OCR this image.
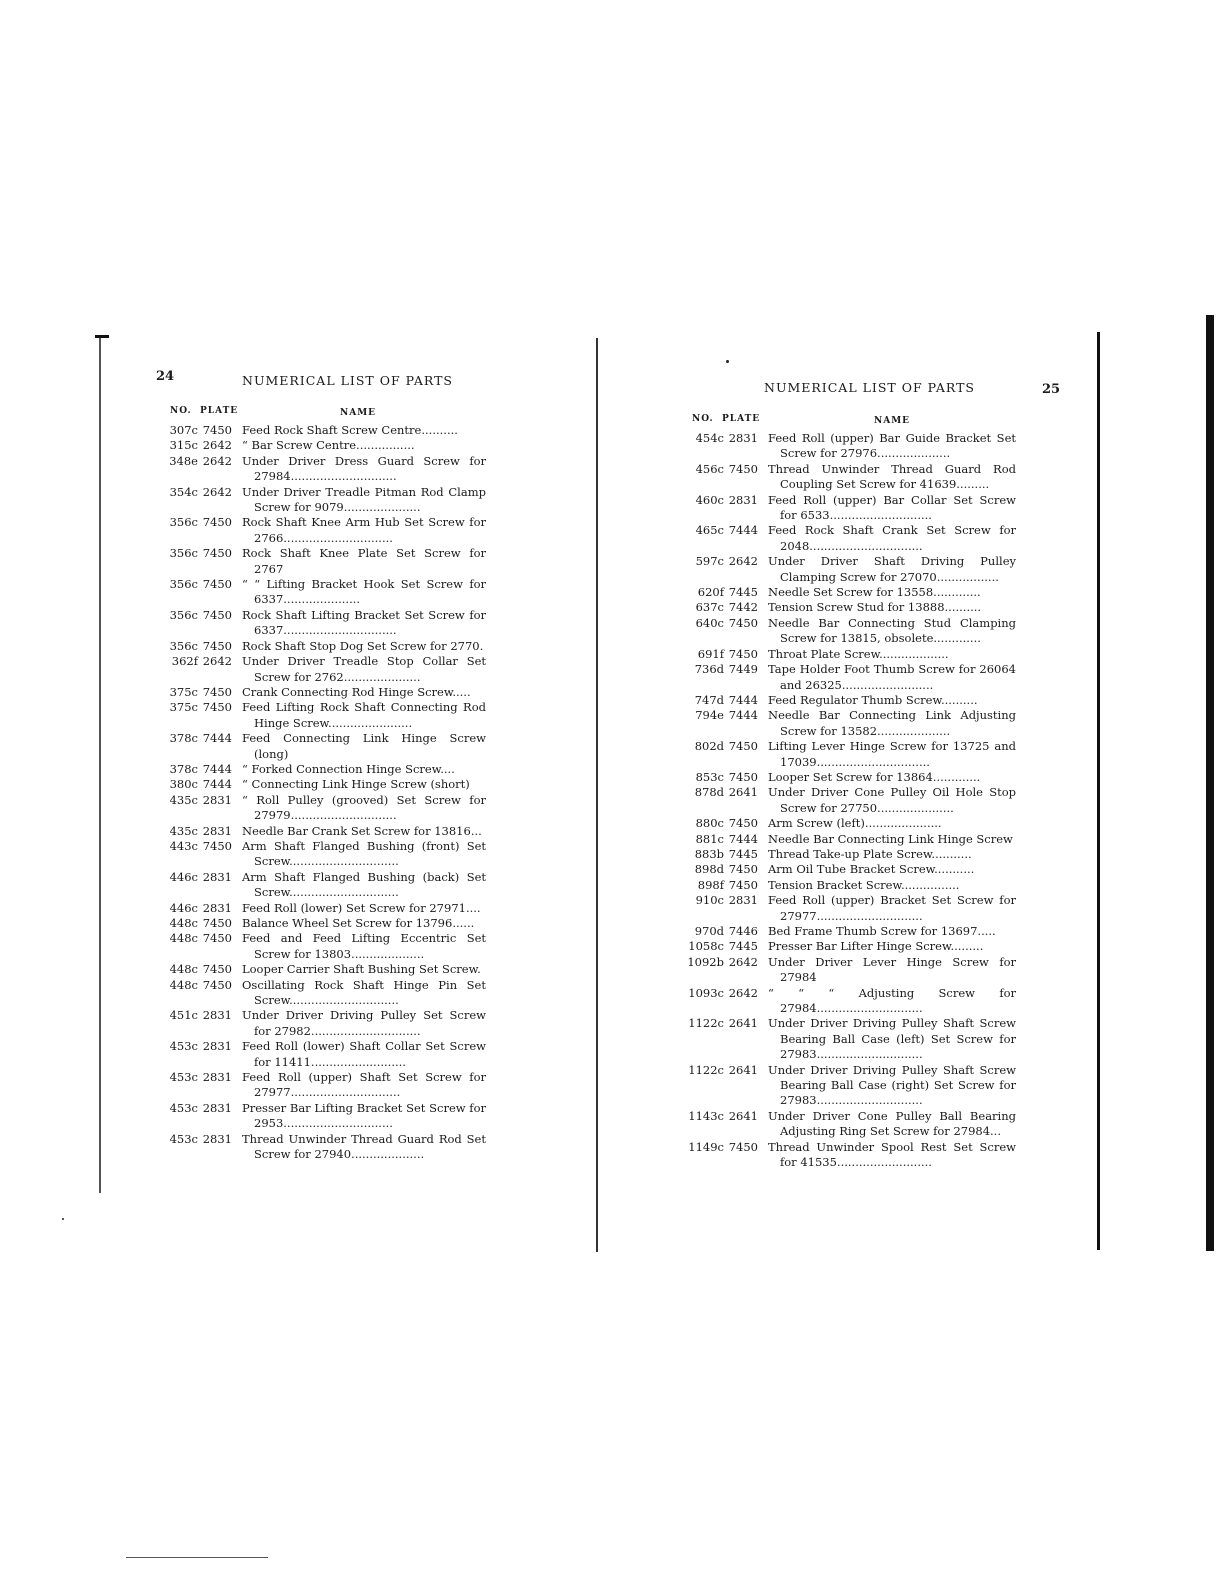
24	NUMERICAL LIST OF PARTS
NO. PLATE	NAME
307c 7450 Feed Rock Shaft Screw Centre..........
315c 2642 “ Bar Screw Centre................
348e 2642 Under Driver Dress Guard Screw for 27984.............................
354c 2642 Under Driver Treadle Pitman Rod Clamp Screw for 9079.....................
356c 7450 Rock Shaft Knee Arm Hub Set Screw for 2766..............................
356c 7450 Rock Shaft Knee Plate Set Screw for 2767
356c 7450 “ “ Lifting Bracket Hook Set Screw for 6337.....................
356c 7450 Rock Shaft Lifting Bracket Set Screw for 6337...............................
356c 7450 Rock Shaft Stop Dog Set Screw for 2770.
362f 2642 Under Driver Treadle Stop Collar Set Screw for 2762.....................
375c 7450 Crank Connecting Rod Hinge Screw.....
375c 7450 Feed Lifting Rock Shaft Connecting Rod Hinge Screw.......................
378c 7444 Feed Connecting Link Hinge Screw (long)
378c 7444 “ Forked Connection Hinge Screw....
380c 7444 “ Connecting Link Hinge Screw (short)
435c 2831 “ Roll Pulley (grooved) Set Screw for 27979.............................
435c 2831 Needle Bar Crank Set Screw for 13816...
443c 7450 Arm Shaft Flanged Bushing (front) Set Screw..............................
446c 2831 Arm Shaft Flanged Bushing (back) Set Screw..............................
446c 2831 Feed Roll (lower) Set Screw for 27971....
448c 7450 Balance Wheel Set Screw for 13796......
448c 7450 Feed and Feed Lifting Eccentric Set Screw for 13803....................
448c 7450 Looper Carrier Shaft Bushing Set Screw.
448c 7450 Oscillating Rock Shaft Hinge Pin Set Screw..............................
451c 2831 Under Driver Driving Pulley Set Screw for 27982..............................
453c 2831 Feed Roll (lower) Shaft Collar Set Screw for 11411..........................
453c 2831 Feed Roll (upper) Shaft Set Screw for 27977..............................
453c 2831 Presser Bar Lifting Bracket Set Screw for 2953..............................
453c 2831 Thread Unwinder Thread Guard Rod Set Screw for 27940....................
NUMERICAL LIST OF PARTS	25
NO. PLATE	NAME
454c 2831 Feed Roll (upper) Bar Guide Bracket Set Screw for 27976....................
456c 7450 Thread Unwinder Thread Guard Rod Coupling Set Screw for 41639.........
460c 2831 Feed Roll (upper) Bar Collar Set Screw for 6533............................
465c 7444 Feed Rock Shaft Crank Set Screw for 2048...............................
597c 2642 Under Driver Shaft Driving Pulley Clamping Screw for 27070.................
620f 7445 Needle Set Screw for 13558.............
637c 7442 Tension Screw Stud for 13888..........
640c 7450 Needle Bar Connecting Stud Clamping Screw for 13815, obsolete.............
691f 7450 Throat Plate Screw...................
736d 7449 Tape Holder Foot Thumb Screw for 26064 and 26325.........................
747d 7444 Feed Regulator Thumb Screw..........
794e 7444 Needle Bar Connecting Link Adjusting Screw for 13582....................
802d 7450 Lifting Lever Hinge Screw for 13725 and 17039...............................
853c 7450 Looper Set Screw for 13864.............
878d 2641 Under Driver Cone Pulley Oil Hole Stop Screw for 27750.....................
880c 7450 Arm Screw (left).....................
881c 7444 Needle Bar Connecting Link Hinge Screw
883b 7445 Thread Take-up Plate Screw...........
898d 7450 Arm Oil Tube Bracket Screw...........
898f 7450 Tension Bracket Screw................
910c 2831 Feed Roll (upper) Bracket Set Screw for 27977.............................
970d 7446 Bed Frame Thumb Screw for 13697.....
1058c 7445 Presser Bar Lifter Hinge Screw.........
1092b 2642 Under Driver Lever Hinge Screw for 27984
1093c 2642 “ “ “ Adjusting Screw for 27984.............................
1122c 2641 Under Driver Driving Pulley Shaft Screw Bearing Ball Case (left) Set Screw for 27983.............................
1122c 2641 Under Driver Driving Pulley Shaft Screw Bearing Ball Case (right) Set Screw for 27983.............................
1143c 2641 Under Driver Cone Pulley Ball Bearing Adjusting Ring Set Screw for 27984...
1149c 7450 Thread Unwinder Spool Rest Set Screw for 41535..........................
